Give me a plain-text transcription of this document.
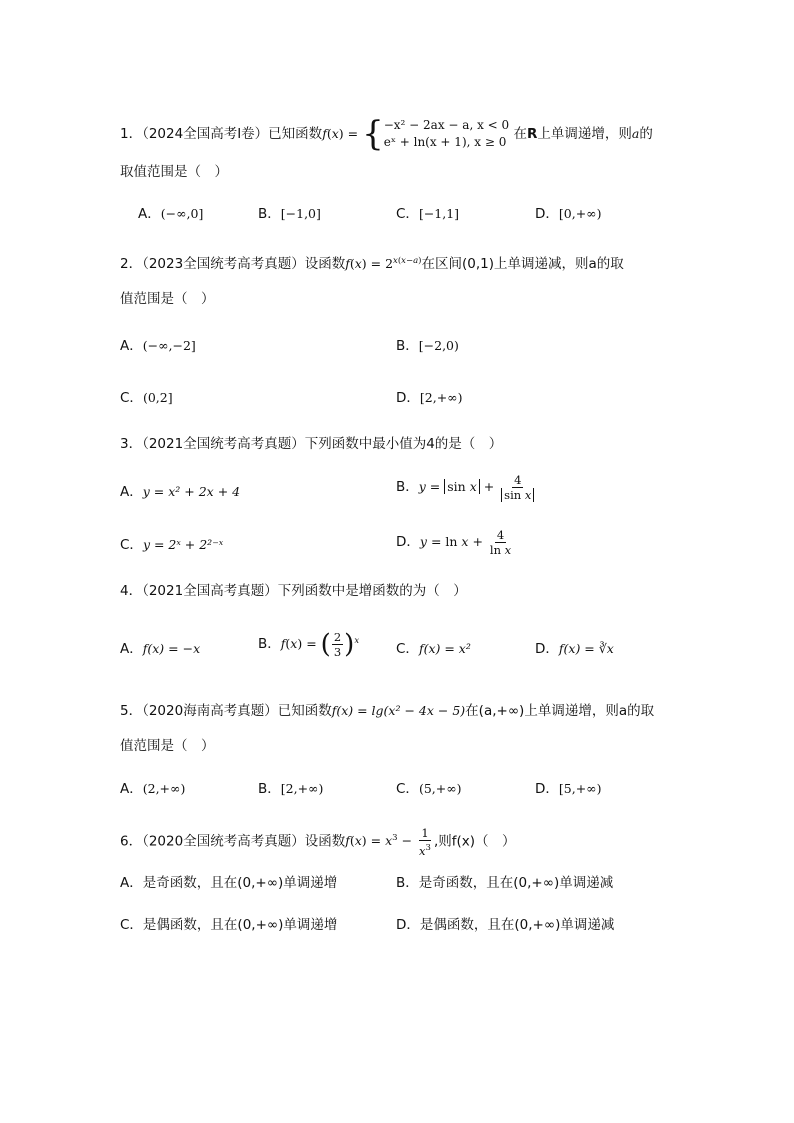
1．（2024全国高考Ⅰ卷）已知函数f(x) = { −x² − 2ax − a, x < 0
eˣ + ln(x + 1), x ≥ 0 在R上单调递增，则a的
取值范围是（　）
A．(−∞,0]	B．[−1,0]	C．[−1,1]	D．[0,+∞)
2．（2023全国统考高考真题）设函数$f(x) = 2^{x(x-a)}$在区间(0,1)上单调递减，则a的取
值范围是（　）
A．(−∞,−2]	B．[−2,0)
C．(0,2]	D．[2,+∞)
3．（2021全国统考高考真题）下列函数中最小值为4的是（　）
A．y = x² + 2x + 4	B．$y = \sin x + \frac{4}{\text{sin x}}$
C．y = 2ˣ + 2²⁻ˣ	D．$y = \ln x + \frac{4}{\text{ln x}}$
4．（2021全国高考真题）下列函数中是增函数的为（　）
A．f(x) = −x	B．f(x) = ( $\frac{2}{3} )^x$
C．f(x) = x²	D．f(x) = ∛x
5．（2020海南高考真题）已知函数f(x) = lg(x² − 4x − 5)在(a,+∞)上单调递增，则a的取
值范围是（　）
A．(2,+∞)	B．[2,+∞)	C．(5,+∞)	D．[5,+∞)
6．（2020全国统考高考真题）设函数$f(x) = x^3 - \frac{1}{x^3}$ ,则f(x)（　）
A．是奇函数，且在(0,+∞)单调递增	B．是奇函数，且在(0,+∞)单调递减
C．是偶函数，且在(0,+∞)单调递增	D．是偶函数，且在(0,+∞)单调递减
